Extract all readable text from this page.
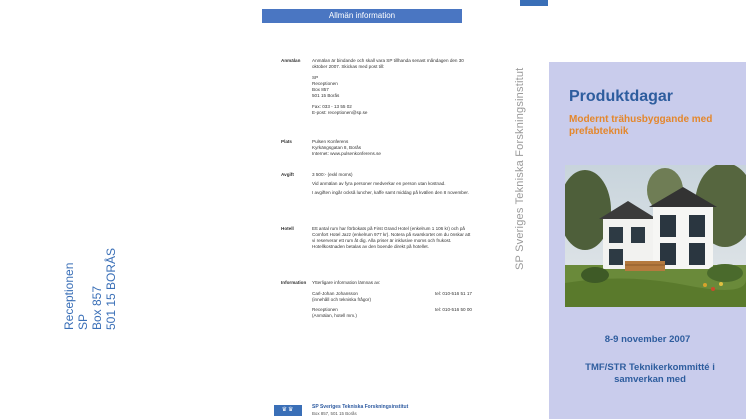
Receptionen SP Box 857 501 15 BORÅS
Allmän information
Anmälan	Anmälan är bindande och skall vara SP tillhanda senast måndagen den 30 oktober 2007. Skickas med post till:

SP
Receptionen
Box 857
501 15 Borås

Fax: 033 - 13 55 02
E-post: receptionen@sp.se

Plats	Pulsen Konferens
Kyrkängsgatan 8, Borås
Internet: www.pulsenkonferens.se
Avgift	3 500:- (exkl moms)

Vid anmälan av fyra personer medverkar en person utan kostnad.

I avgiften ingår också luncher, kaffe samt middag på kvällen den 8 november.

Hotell	Ett antal rum har förbokats på First Grand Hotel (enkelrum 1 106 kr) och på Comfort Hotel Jazz (enkelrum 977 kr). Notera på svarskortet om du önskar att vi reserverar ett rum åt dig. Alla priser är inklusive moms och frukost. Hotellkostnaden betalas av den boende direkt på hotellet.

Information	Ytterligare information lämnas av:

Carl-Johan Johansson
(innehåll och tekniska frågor)
tel: 010-516 51 17
Receptionen
(Anmälan, hotell mm.)
tel: 010-516 50 00
♛♛	SP Sveriges Tekniska Forskningsinstitut
Box 857, 501 15 Borås
SP Sveriges Tekniska Forskningsinstitut	Produktdagar
Modernt trähusbyggande med prefabteknik
8-9 november 2007
TMF/STR Teknikerkommitté i samverkan med
